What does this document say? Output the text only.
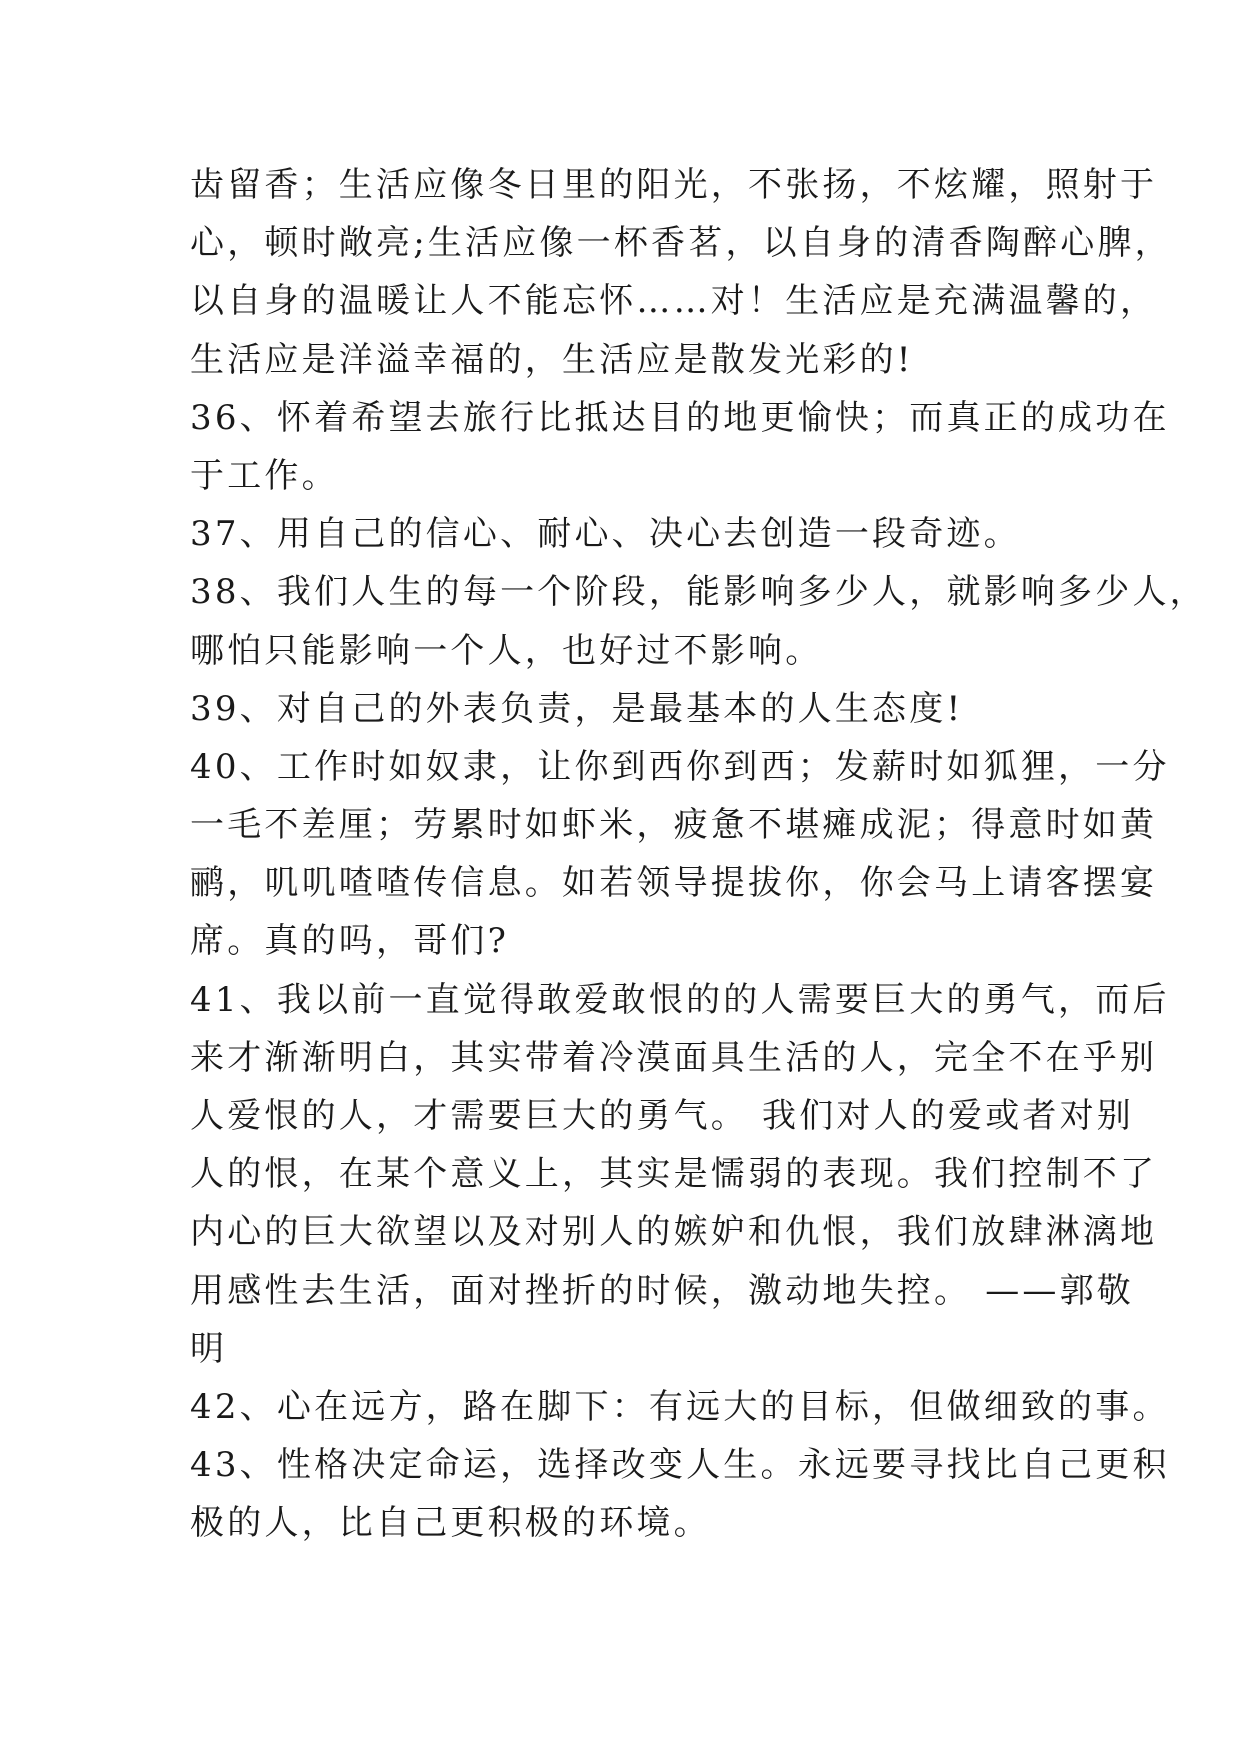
齿留香；生活应像冬日里的阳光，不张扬，不炫耀，照射于
心，顿时敞亮;生活应像一杯香茗，以自身的清香陶醉心脾，
以自身的温暖让人不能忘怀……对！生活应是充满温馨的，
生活应是洋溢幸福的，生活应是散发光彩的!
36、怀着希望去旅行比抵达目的地更愉快；而真正的成功在
于工作。
37、用自己的信心、耐心、决心去创造一段奇迹。
38、我们人生的每一个阶段，能影响多少人，就影响多少人，
哪怕只能影响一个人，也好过不影响。
39、对自己的外表负责，是最基本的人生态度!
40、工作时如奴隶，让你到西你到西；发薪时如狐狸，一分
一毛不差厘；劳累时如虾米，疲惫不堪瘫成泥；得意时如黄
鹂，叽叽喳喳传信息。如若领导提拔你，你会马上请客摆宴
席。真的吗，哥们?
41、我以前一直觉得敢爱敢恨的的人需要巨大的勇气，而后
来才渐渐明白，其实带着冷漠面具生活的人，完全不在乎别
人爱恨的人，才需要巨大的勇气。 我们对人的爱或者对别
人的恨，在某个意义上，其实是懦弱的表现。我们控制不了
内心的巨大欲望以及对别人的嫉妒和仇恨，我们放肆淋漓地
用感性去生活，面对挫折的时候，激动地失控。 ——郭敬
明
42、心在远方，路在脚下：有远大的目标，但做细致的事。
43、性格决定命运，选择改变人生。永远要寻找比自己更积
极的人，比自己更积极的环境。
